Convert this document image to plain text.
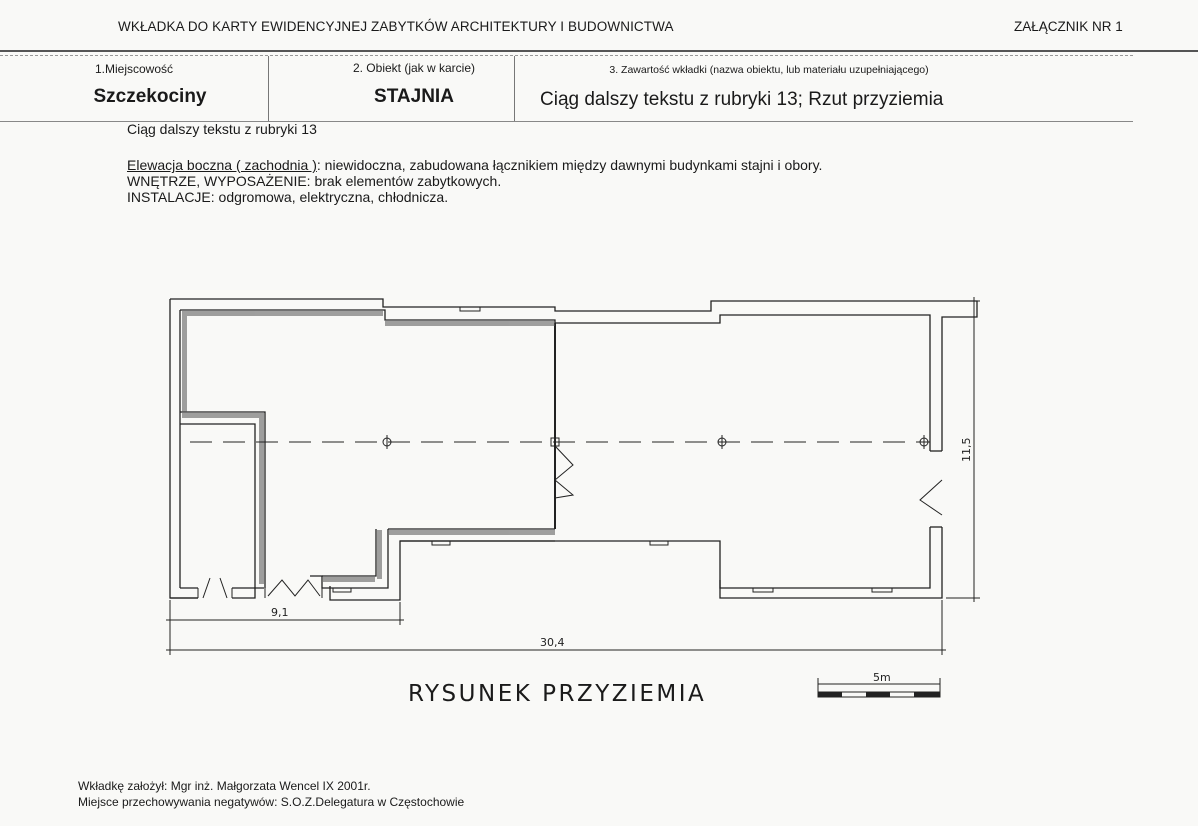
WKŁADKA DO KARTY EWIDENCYJNEJ ZABYTKÓW ARCHITEKTURY I BUDOWNICTWA	ZAŁĄCZNIK NR 1
1.Miejscowość
Szczekociny
2. Obiekt (jak w karcie)
STAJNIA
3. Zawartość wkładki (nazwa obiektu, lub materiału uzupełniającego)
Ciąg dalszy tekstu z rubryki 13; Rzut przyziemia
Ciąg dalszy tekstu z rubryki 13
Elewacja boczna ( zachodnia ): niewidoczna, zabudowana łącznikiem między dawnymi budynkami stajni i obory.
WNĘTRZE, WYPOSAŻENIE: brak elementów zabytkowych.
INSTALACJE: odgromowa, elektryczna, chłodnicza.
9,1
30,4
11,5
5m
RYSUNEK PRZYZIEMIA
Wkładkę założył: Mgr inż. Małgorzata Wencel IX 2001r.
Miejsce przechowywania negatywów: S.O.Z.Delegatura w Częstochowie
